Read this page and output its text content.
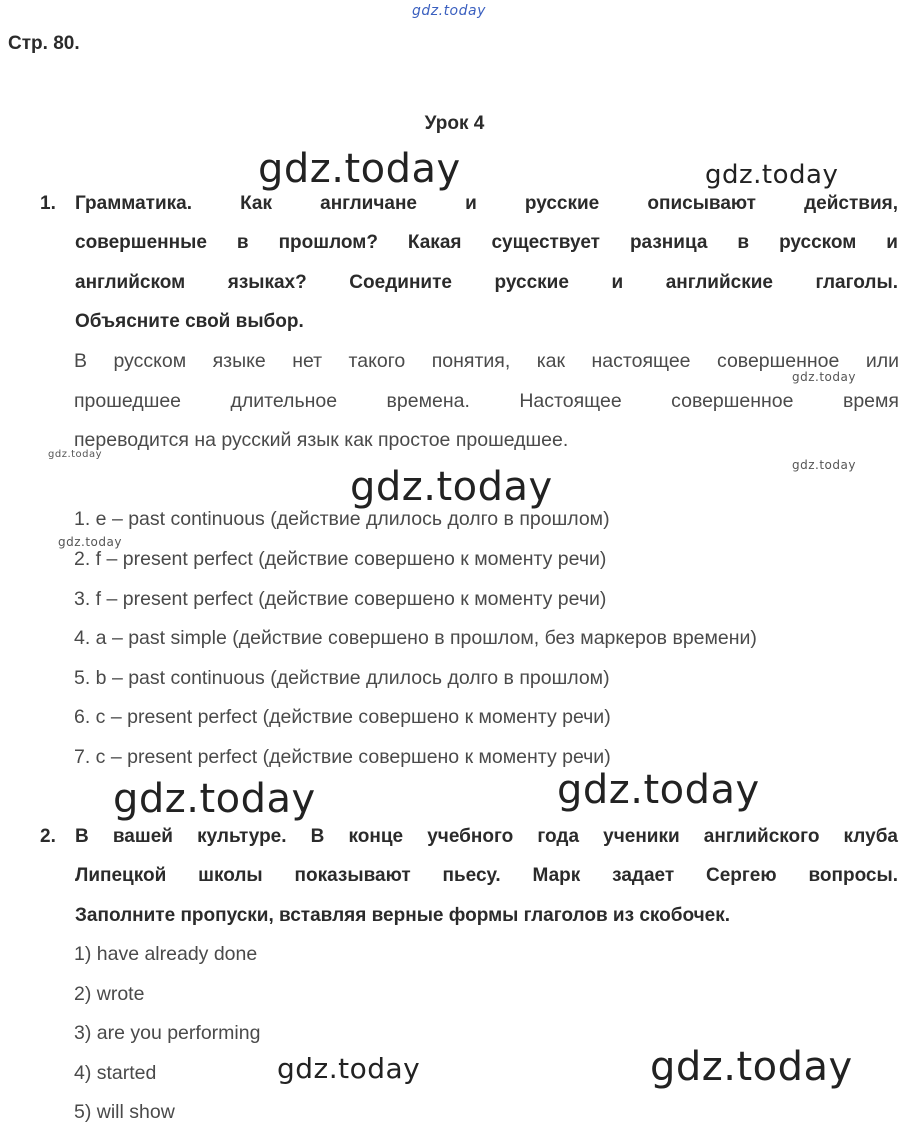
gdz.today
Стр. 80.
Урок 4
1. Грамматика. Как англичане и русские описывают действия,
совершенные в прошлом? Какая существует разница в русском и
английском языках? Соедините русские и английские глаголы.
Объясните свой выбор.
В русском языке нет такого понятия, как настоящее совершенное или
прошедшее длительное времена. Настоящее совершенное время
переводится на русский язык как простое прошедшее.
1. e – past continuous (действие длилось долго в прошлом)
2. f – present perfect (действие совершено к моменту речи)
3. f – present perfect (действие совершено к моменту речи)
4. a – past simple (действие совершено в прошлом, без маркеров времени)
5. b – past continuous (действие длилось долго в прошлом)
6. c – present perfect (действие совершено к моменту речи)
7. c – present perfect (действие совершено к моменту речи)
2. В вашей культуре. В конце учебного года ученики английского клуба
Липецкой школы показывают пьесу. Марк задает Сергею вопросы.
Заполните пропуски, вставляя верные формы глаголов из скобочек.
1) have already done
2) wrote
3) are you performing
4) started
5) will show
gdz.today	gdz.today
gdz.today
gdz.today
gdz.today
gdz.today
gdz.today
gdz.today	gdz.today
gdz.today	gdz.today
